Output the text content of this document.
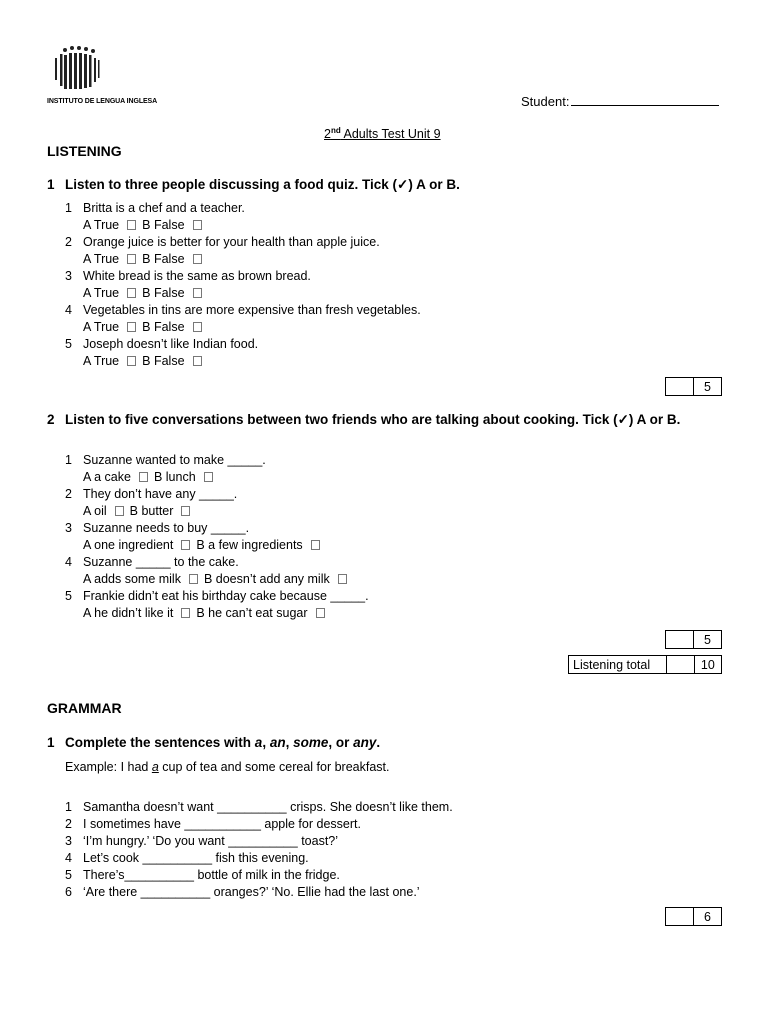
INSTITUTO DE LENGUA INGLESA	Student:
2nd Adults Test Unit 9
LISTENING
1 Listen to three people discussing a food quiz. Tick (✓) A or B.
1 Britta is a chef and a teacher.
A True B False
2 Orange juice is better for your health than apple juice.
A True B False
3 White bread is the same as brown bread.
A True B False
4 Vegetables in tins are more expensive than fresh vegetables.
A True B False
5 Joseph doesn’t like Indian food.
A True B False
5
2 Listen to five conversations between two friends who are talking about cooking. Tick (✓) A or B.
1 Suzanne wanted to make _____.
A a cake B lunch
2 They don’t have any _____.
A oil B butter
3 Suzanne needs to buy _____.
A one ingredient B a few ingredients
4 Suzanne _____ to the cake.
A adds some milk B doesn’t add any milk
5 Frankie didn’t eat his birthday cake because _____.
A he didn’t like it B he can’t eat sugar
5
Listening total	10
GRAMMAR
1 Complete the sentences with a, an, some, or any.
Example: I had a cup of tea and some cereal for breakfast.
1 Samantha doesn’t want __________ crisps. She doesn’t like them.
2 I sometimes have ___________ apple for dessert.
3 ‘I’m hungry.’ ‘Do you want __________ toast?’
4 Let’s cook __________ fish this evening.
5 There’s__________ bottle of milk in the fridge.
6 ‘Are there __________ oranges?’ ‘No. Ellie had the last one.’
6
